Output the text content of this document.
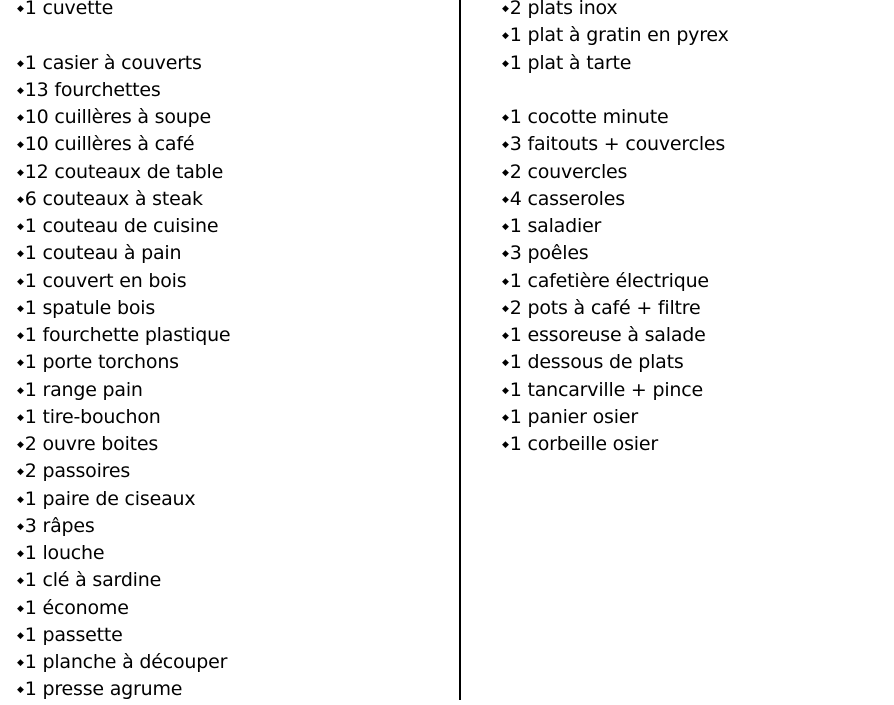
◆1 cuvette
◆1 casier à couverts
◆13 fourchettes
◆10 cuillères à soupe
◆10 cuillères à café
◆12 couteaux de table
◆6 couteaux à steak
◆1 couteau de cuisine
◆1 couteau à pain
◆1 couvert en bois
◆1 spatule bois
◆1 fourchette plastique
◆1 porte torchons
◆1 range pain
◆1 tire-bouchon
◆2 ouvre boites
◆2 passoires
◆1 paire de ciseaux
◆3 râpes
◆1 louche
◆1 clé à sardine
◆1 économe
◆1 passette
◆1 planche à découper
◆1 presse agrume
◆2 plats inox
◆1 plat à gratin en pyrex
◆1 plat à tarte
◆1 cocotte minute
◆3 faitouts + couvercles
◆2 couvercles
◆4 casseroles
◆1 saladier
◆3 poêles
◆1 cafetière électrique
◆2 pots à café + filtre
◆1 essoreuse à salade
◆1 dessous de plats
◆1 tancarville + pince
◆1 panier osier
◆1 corbeille osier
